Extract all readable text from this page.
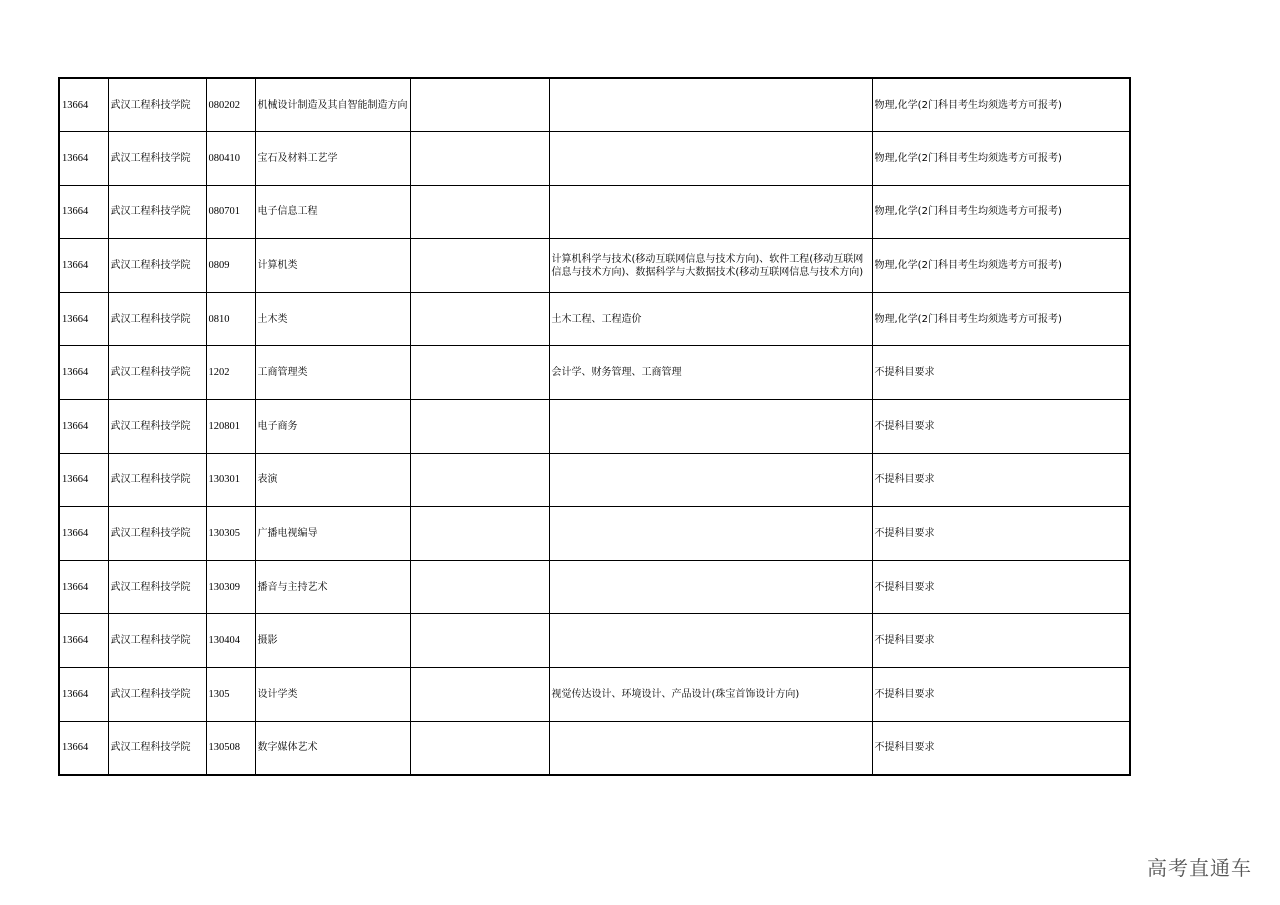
13664	武汉工程科技学院	080202	机械设计制造及其自智能制造方向			物理,化学(2门科目考生均须选考方可报考)
13664	武汉工程科技学院	080410	宝石及材料工艺学			物理,化学(2门科目考生均须选考方可报考)
13664	武汉工程科技学院	080701	电子信息工程			物理,化学(2门科目考生均须选考方可报考)
13664	武汉工程科技学院	0809	计算机类		计算机科学与技术(移动互联网信息与技术方向)、软件工程(移动互联网信息与技术方向)、数据科学与大数据技术(移动互联网信息与技术方向)	物理,化学(2门科目考生均须选考方可报考)
13664	武汉工程科技学院	0810	土木类		土木工程、工程造价	物理,化学(2门科目考生均须选考方可报考)
13664	武汉工程科技学院	1202	工商管理类		会计学、财务管理、工商管理	不提科目要求
13664	武汉工程科技学院	120801	电子商务			不提科目要求
13664	武汉工程科技学院	130301	表演			不提科目要求
13664	武汉工程科技学院	130305	广播电视编导			不提科目要求
13664	武汉工程科技学院	130309	播音与主持艺术			不提科目要求
13664	武汉工程科技学院	130404	摄影			不提科目要求
13664	武汉工程科技学院	1305	设计学类		视觉传达设计、环境设计、产品设计(珠宝首饰设计方向)	不提科目要求
13664	武汉工程科技学院	130508	数字媒体艺术			不提科目要求
高考直通车
